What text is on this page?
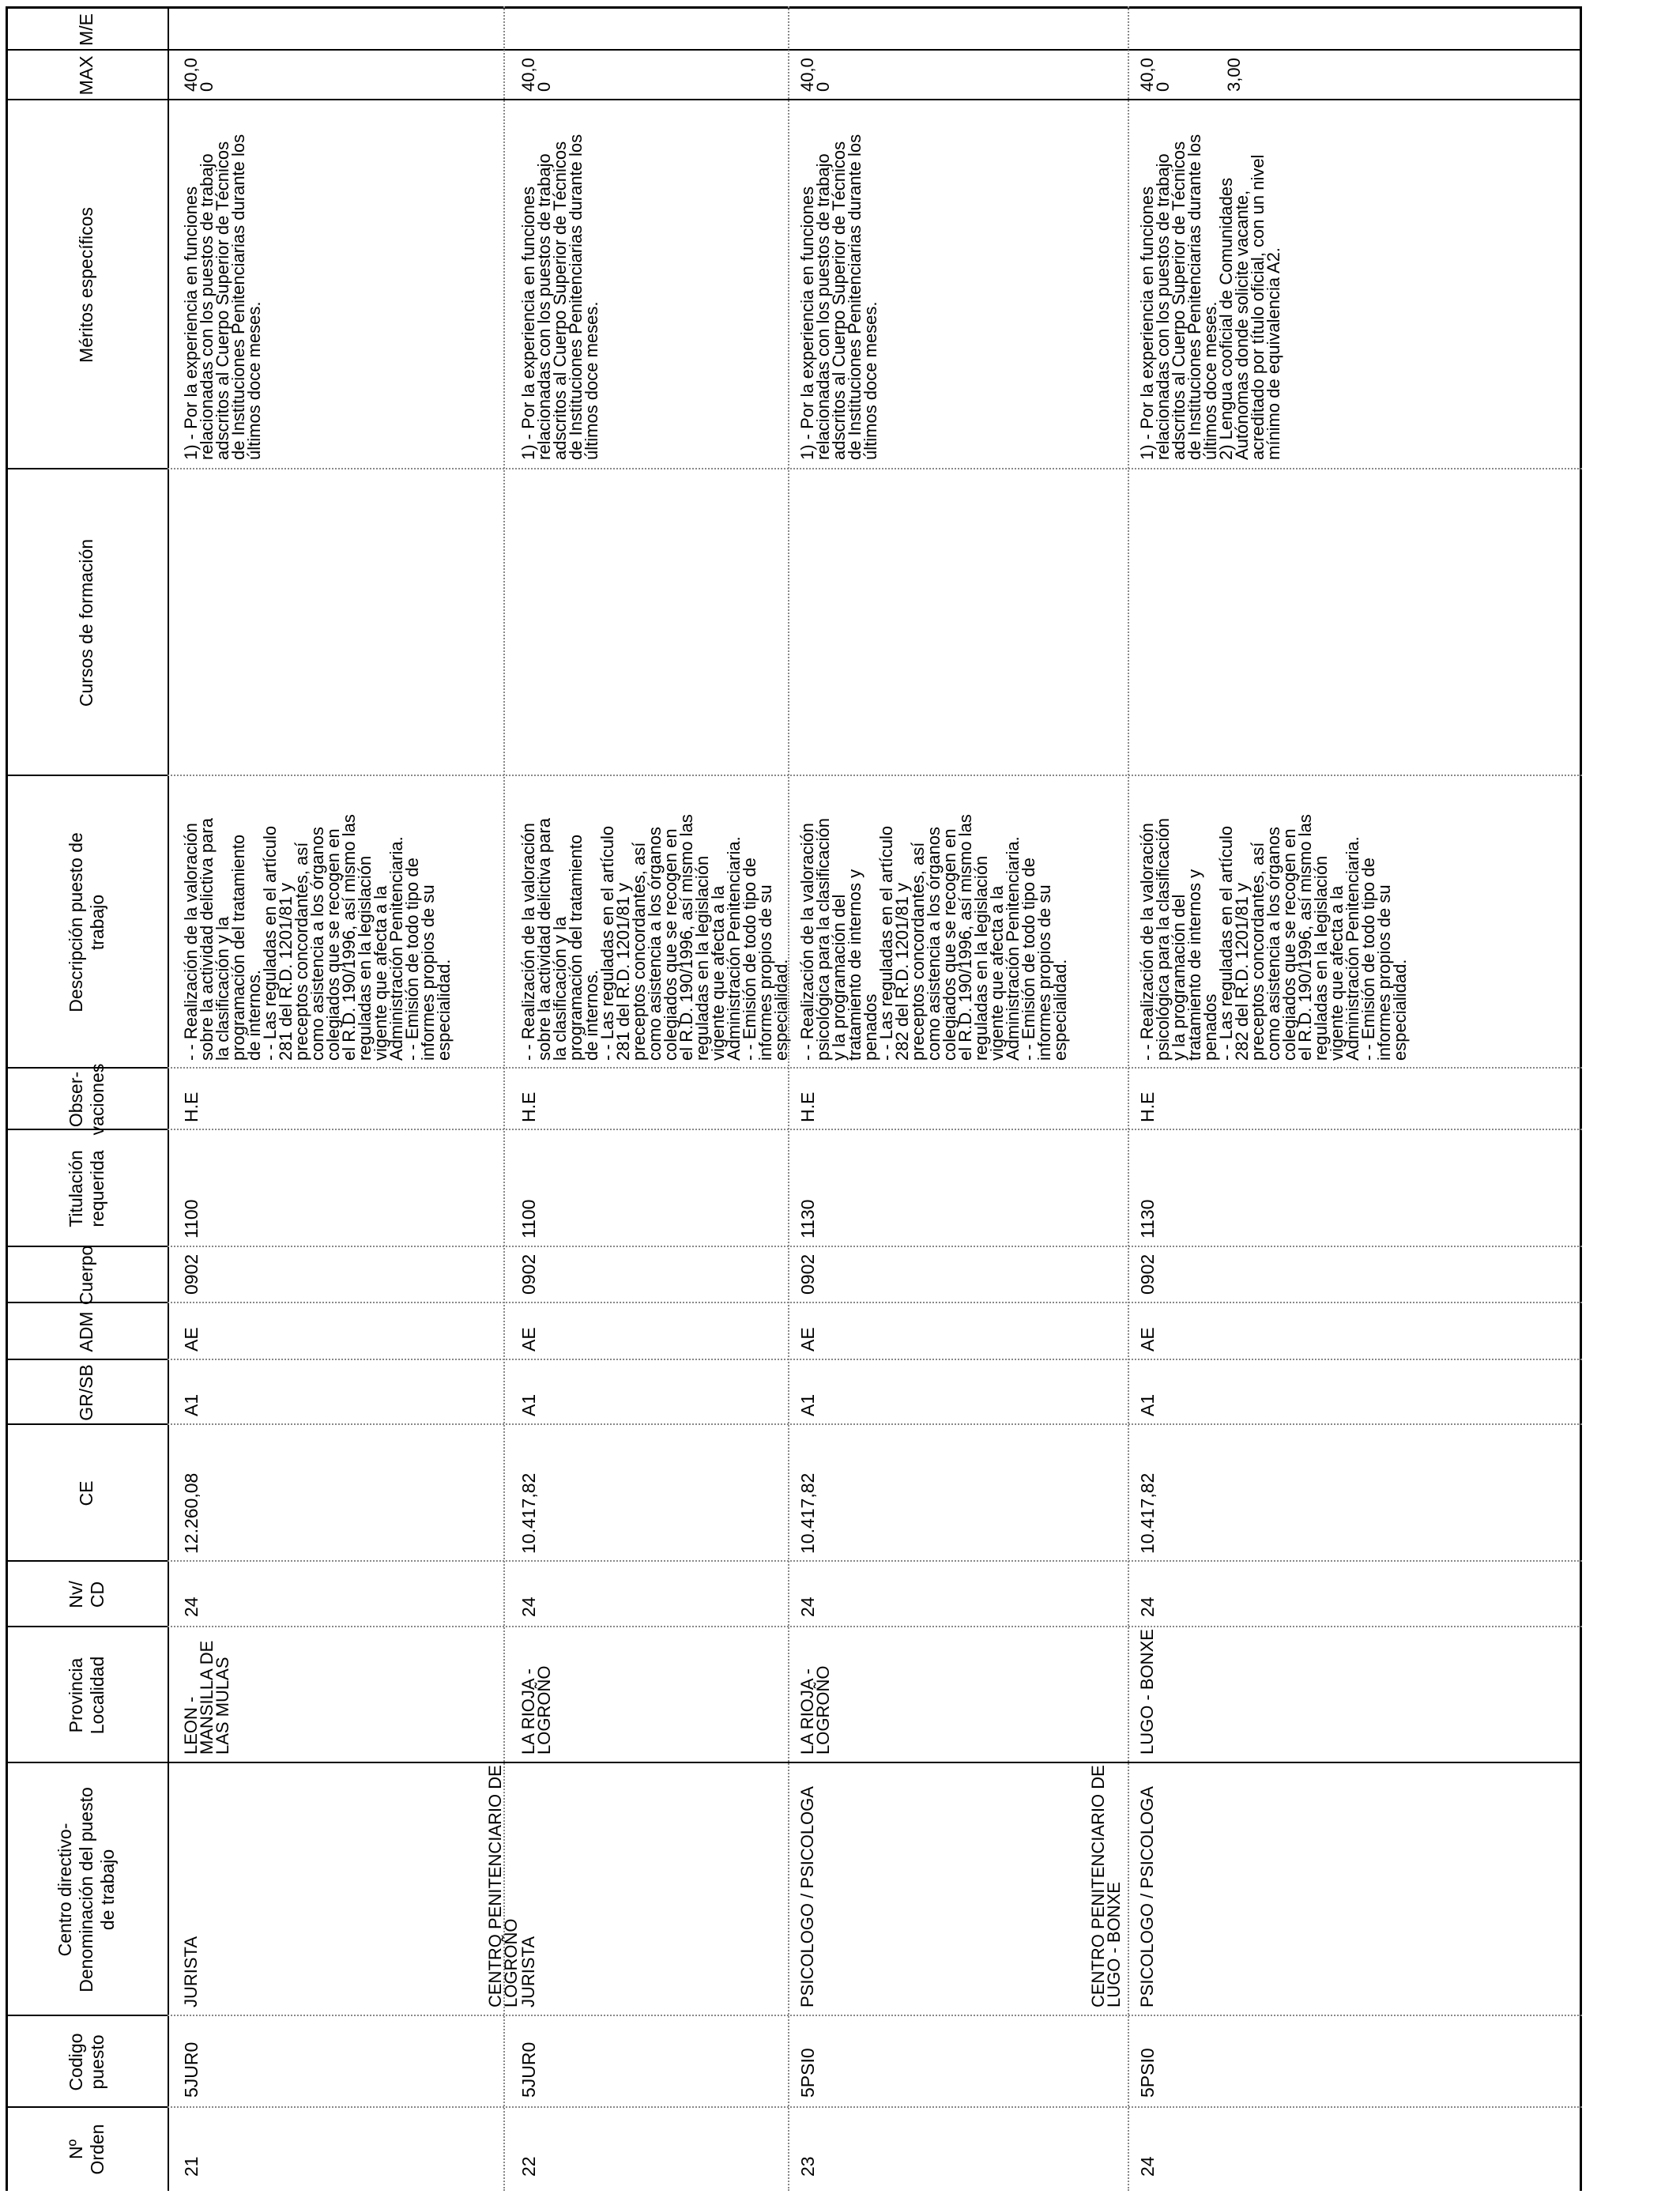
Nº
Orden
Codigo
puesto
Centro directivo-
Denominación del puesto
de trabajo
Provincia
Localidad
Nv/
CD
CE
GR/SB
ADM
Cuerpo
Titulación
requerida
Obser-
vaciones
Descripción puesto de
trabajo
Cursos de formación
Méritos específicos
MAX
M/E
21
5JUR0
JURISTA
LEON -
MANSILLA DE
LAS MULAS
24
12.260,08
A1
AE
0902
1100
H.E
- - Realización de la valoración
sobre la actividad delictiva para
la clasificación y la
programación del tratamiento
de internos.
- - Las reguladas en el artículo
281 del R.D. 1201/81 y
preceptos concordantes, así
como asistencia a los órganos
colegiados que se recogen en
el R.D. 190/1996, así mismo las
reguladas en la legislación
vigente que afecta a la
Administración Penitenciaria.
- - Emisión de todo tipo de
informes propios de su
especialidad.
1) - Por la experiencia en funciones
relacionadas con los puestos de trabajo
adscritos al Cuerpo Superior de Técnicos
de Instituciones Penitenciarias durante los
últimos doce meses.
40,0
0
22
5JUR0
CENTRO PENITENCIARIO DE
LOGROÑO
JURISTA
LA RIOJA -
LOGROÑO
24
10.417,82
A1
AE
0902
1100
H.E
- - Realización de la valoración
sobre la actividad delictiva para
la clasificación y la
programación del tratamiento
de internos.
- - Las reguladas en el artículo
281 del R.D. 1201/81 y
preceptos concordantes, así
como asistencia a los órganos
colegiados que se recogen en
el R.D. 190/1996, así mismo las
reguladas en la legislación
vigente que afecta a la
Administración Penitenciaria.
- - Emisión de todo tipo de
informes propios de su
especialidad.
1) - Por la experiencia en funciones
relacionadas con los puestos de trabajo
adscritos al Cuerpo Superior de Técnicos
de Instituciones Penitenciarias durante los
últimos doce meses.
40,0
0
23
5PSI0
PSICOLOGO / PSICOLOGA
LA RIOJA -
LOGROÑO
24
10.417,82
A1
AE
0902
1130
H.E
- - Realización de la valoración
psicológica para la clasificación
y la programación del
tratamiento de internos y
penados
- - Las reguladas en el artículo
282 del R.D. 1201/81 y
preceptos concordantes, así
como asistencia a los órganos
colegiados que se recogen en
el R.D. 190/1996, así mismo las
reguladas en la legislación
vigente que afecta a la
Administración Penitenciaria.
- - Emisión de todo tipo de
informes propios de su
especialidad.
1) - Por la experiencia en funciones
relacionadas con los puestos de trabajo
adscritos al Cuerpo Superior de Técnicos
de Instituciones Penitenciarias durante los
últimos doce meses.
40,0
0
24
5PSI0
CENTRO PENITENCIARIO DE
LUGO - BONXE PSICOLOGO / PSICOLOGA
LUGO - BONXE
24
10.417,82
A1
AE
0902
1130
H.E
- - Realización de la valoración
psicológica para la clasificación
y la programación del
tratamiento de internos y
penados
- - Las reguladas en el artículo
282 del R.D. 1201/81 y
preceptos concordantes, así
como asistencia a los órganos
colegiados que se recogen en
el R.D. 190/1996, así mismo las
reguladas en la legislación
vigente que afecta a la
Administración Penitenciaria.
- - Emisión de todo tipo de
informes propios de su
especialidad.
1) - Por la experiencia en funciones
relacionadas con los puestos de trabajo
adscritos al Cuerpo Superior de Técnicos
de Instituciones Penitenciarias durante los
últimos doce meses.
2) Lengua cooficial de Comunidades
Autónomas donde solicite vacante,
acreditado por título oficial, con un nivel
mínimo de equivalencia A2.
40,0
0	3,00
